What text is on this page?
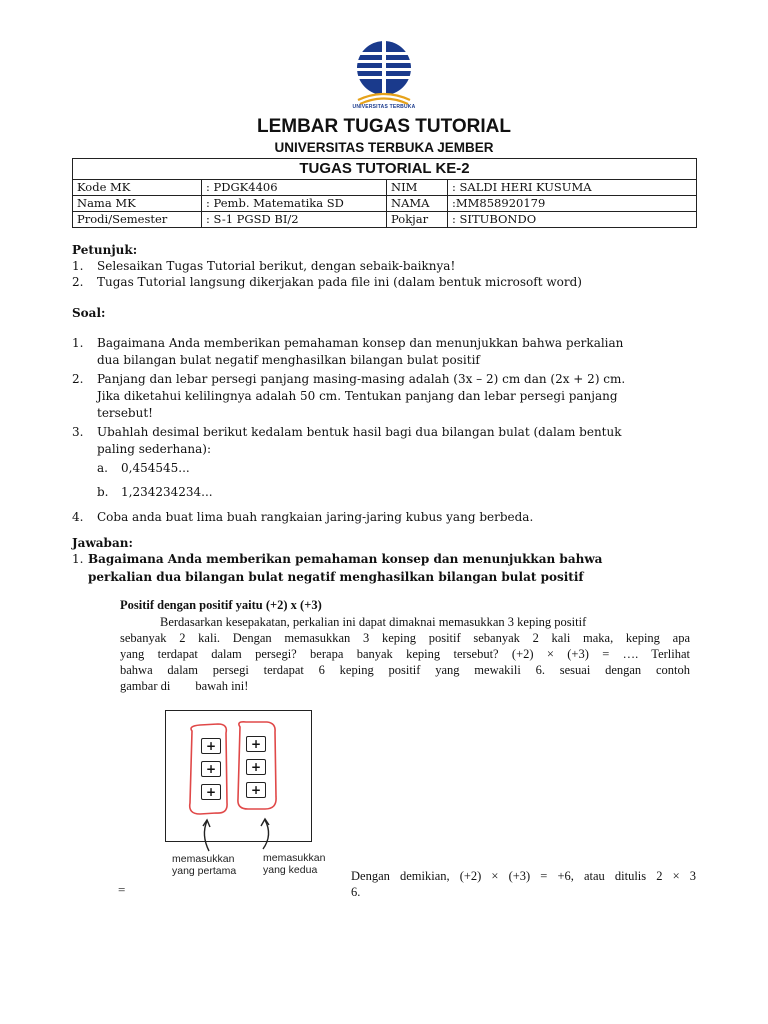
UNIVERSITAS TERBUKA
LEMBAR TUGAS TUTORIAL
UNIVERSITAS TERBUKA JEMBER
TUGAS TUTORIAL KE-2			
Kode MK	: PDGK4406	NIM	: SALDI HERI KUSUMA
Nama MK	: Pemb. Matematika SD	NAMA	:MM858920179
Prodi/Semester	: S-1 PGSD BI/2	Pokjar	: SITUBONDO
Petunjuk:
1. Selesaikan Tugas Tutorial berikut, dengan sebaik-baiknya!
2. Tugas Tutorial langsung dikerjakan pada file ini (dalam bentuk microsoft word)
Soal:
1. Bagaimana Anda memberikan pemahaman konsep dan menunjukkan bahwa perkalian
dua bilangan bulat negatif menghasilkan bilangan bulat positif
2. Panjang dan lebar persegi panjang masing-masing adalah (3x – 2) cm dan (2x + 2) cm.
Jika diketahui kelilingnya adalah 50 cm. Tentukan panjang dan lebar persegi panjang
tersebut!
3. Ubahlah desimal berikut kedalam bentuk hasil bagi dua bilangan bulat (dalam bentuk
paling sederhana):
a. 0,454545...
b. 1,234234234...
4. Coba anda buat lima buah rangkaian jaring-jaring kubus yang berbeda.
Jawaban:
1. Bagaimana Anda memberikan pemahaman konsep dan menunjukkan bahwa
perkalian dua bilangan bulat negatif menghasilkan bilangan bulat positif
Positif dengan positif yaitu (+2) x (+3)
Berdasarkan kesepakatan, perkalian ini dapat dimaknai memasukkan 3 keping positif
sebanyak 2 kali. Dengan memasukkan 3 keping positif sebanyak 2 kali maka, keping apa
yang terdapat dalam persegi? berapa banyak keping tersebut? (+2) × (+3) = …. Terlihat
bahwa dalam persegi terdapat 6 keping positif yang mewakili 6. sesuai dengan contoh
gambar di        bawah ini!
+
+
+
+
+
+
memasukkan
yang pertama
memasukkan
yang kedua
=
Dengan demikian, (+2) × (+3) = +6, atau ditulis 2 × 3
6.
